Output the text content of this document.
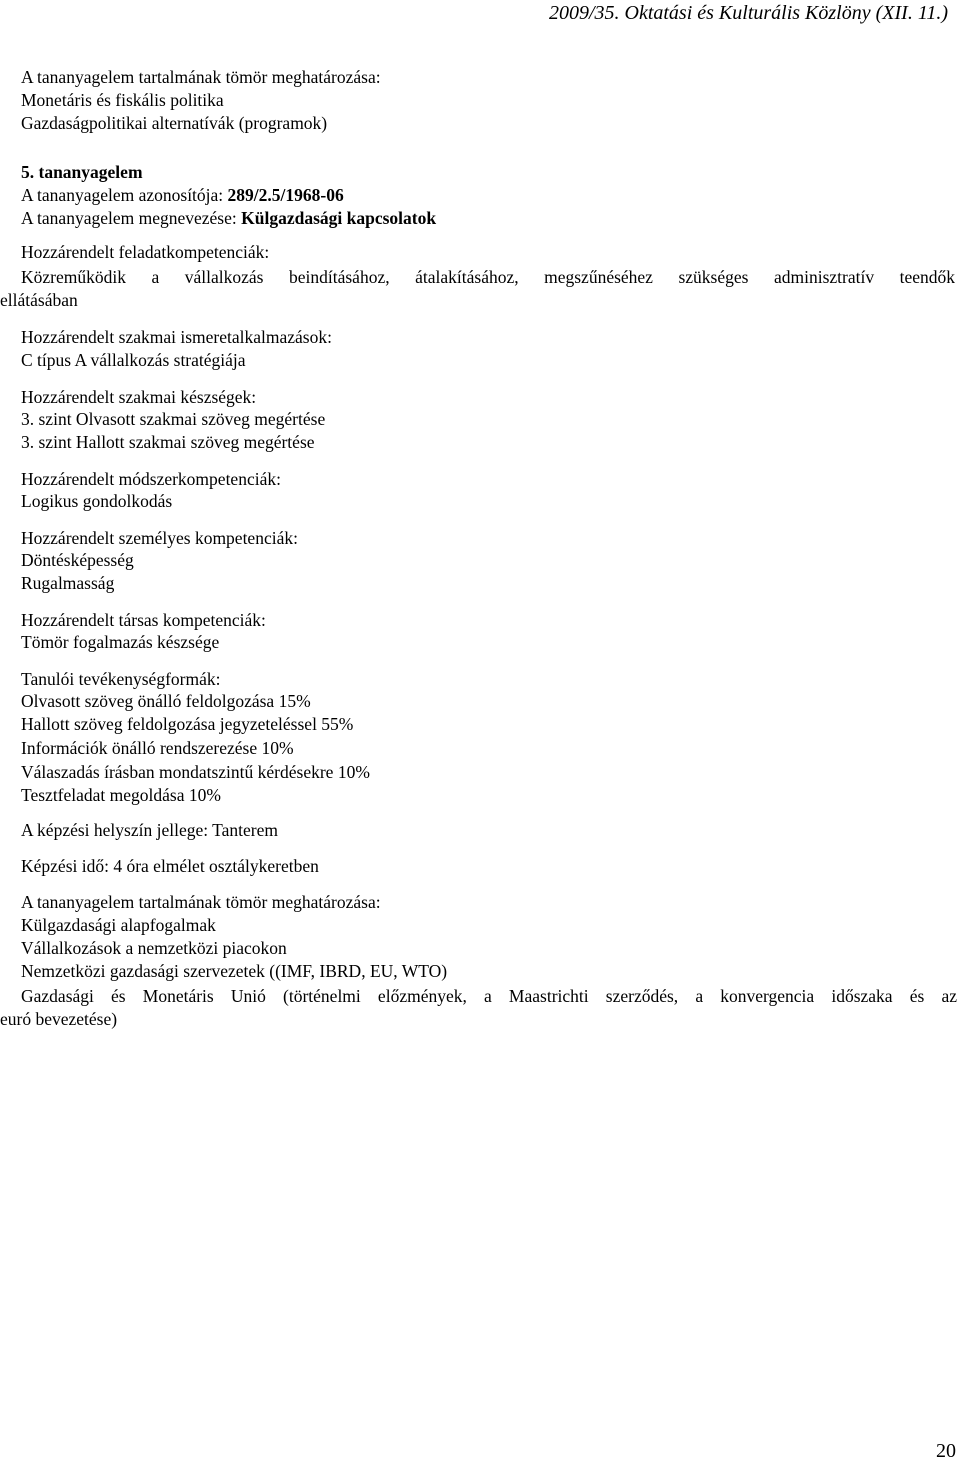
2009/35. Oktatási és Kulturális Közlöny (XII. 11.)
A tananyagelem tartalmának tömör meghatározása:
Monetáris és fiskális politika
Gazdaságpolitikai alternatívák (programok)
5. tananyagelem
A tananyagelem azonosítója: 289/2.5/1968-06
A tananyagelem megnevezése: Külgazdasági kapcsolatok
Hozzárendelt feladatkompetenciák:
Közreműködik a vállalkozás beindításához, átalakításához, megszűnéséhez szükséges adminisztratív teendők
ellátásában
Hozzárendelt szakmai ismeretalkalmazások:
C típus A vállalkozás stratégiája
Hozzárendelt szakmai készségek:
3. szint Olvasott szakmai szöveg megértése
3. szint Hallott szakmai szöveg megértése
Hozzárendelt módszerkompetenciák:
Logikus gondolkodás
Hozzárendelt személyes kompetenciák:
Döntésképesség
Rugalmasság
Hozzárendelt társas kompetenciák:
Tömör fogalmazás készsége
Tanulói tevékenységformák:
Olvasott szöveg önálló feldolgozása 15%
Hallott szöveg feldolgozása jegyzeteléssel 55%
Információk önálló rendszerezése 10%
Válaszadás írásban mondatszintű kérdésekre 10%
Tesztfeladat megoldása 10%
A képzési helyszín jellege: Tanterem
Képzési idő: 4 óra elmélet osztálykeretben
A tananyagelem tartalmának tömör meghatározása:
Külgazdasági alapfogalmak
Vállalkozások a nemzetközi piacokon
Nemzetközi gazdasági szervezetek ((IMF, IBRD, EU, WTO)
Gazdasági és Monetáris Unió (történelmi előzmények, a Maastrichti szerződés, a konvergencia időszaka és az
euró bevezetése)
20
